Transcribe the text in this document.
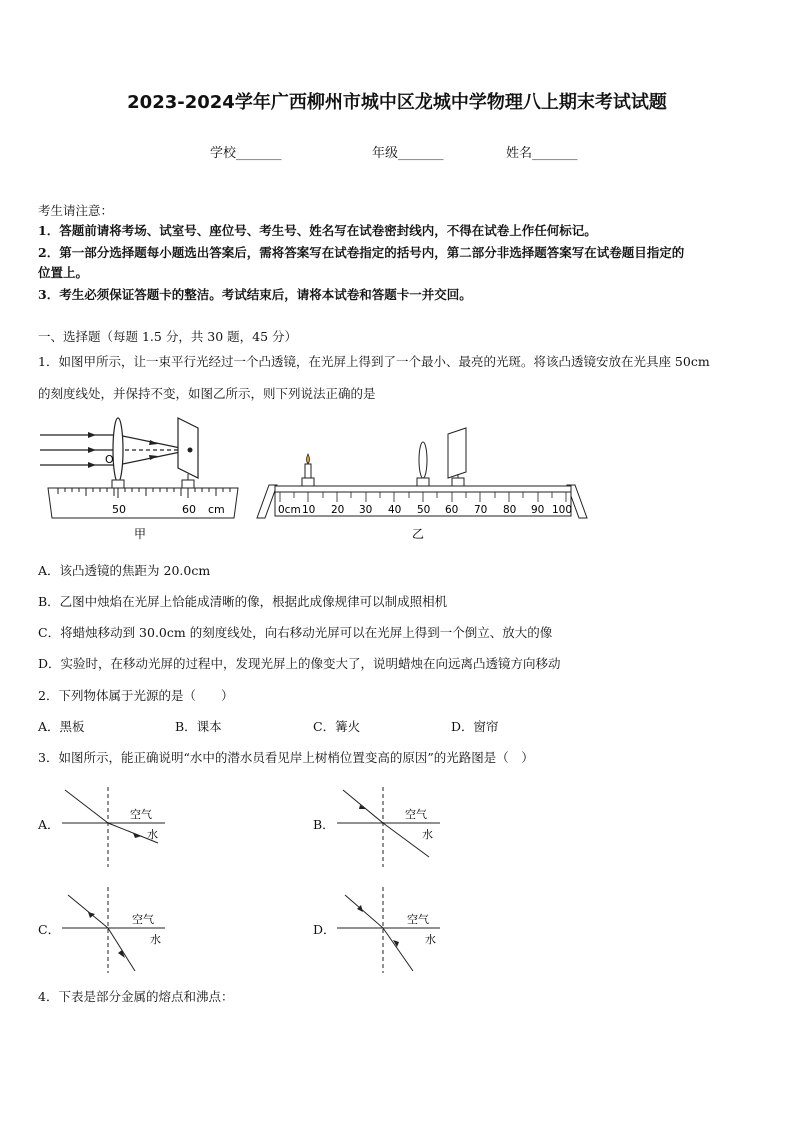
2023-2024学年广西柳州市城中区龙城中学物理八上期末考试试题
学校_______	年级_______	姓名_______
考生请注意：
1．答题前请将考场、试室号、座位号、考生号、姓名写在试卷密封线内，不得在试卷上作任何标记。
2．第一部分选择题每小题选出答案后，需将答案写在试卷指定的括号内，第二部分非选择题答案写在试卷题目指定的
位置上。
3．考生必须保证答题卡的整洁。考试结束后，请将本试卷和答题卡一并交回。
一、选择题（每题 1.5 分，共 30 题，45 分）
1．如图甲所示，让一束平行光经过一个凸透镜，在光屏上得到了一个最小、最亮的光斑。将该凸透镜安放在光具座 50cm
的刻度线处，并保持不变，如图乙所示，则下列说法正确的是
O
50	60 cm
甲
0cm 10 20 30 40 50 60 70 80 90 100
乙
A．该凸透镜的焦距为 20.0cm
B．乙图中烛焰在光屏上恰能成清晰的像，根据此成像规律可以制成照相机
C．将蜡烛移动到 30.0cm 的刻度线处，向右移动光屏可以在光屏上得到一个倒立、放大的像
D．实验时，在移动光屏的过程中，发现光屏上的像变大了，说明蜡烛在向远离凸透镜方向移动
2．下列物体属于光源的是（　　）
A．黑板	B．课本	C．篝火	D．窗帘
3．如图所示，能正确说明“水中的潜水员看见岸上树梢位置变高的原因”的光路图是（　）
A．
空气
水
B．
空气
水
C．
空气
水
D．
空气
水
4．下表是部分金属的熔点和沸点：
